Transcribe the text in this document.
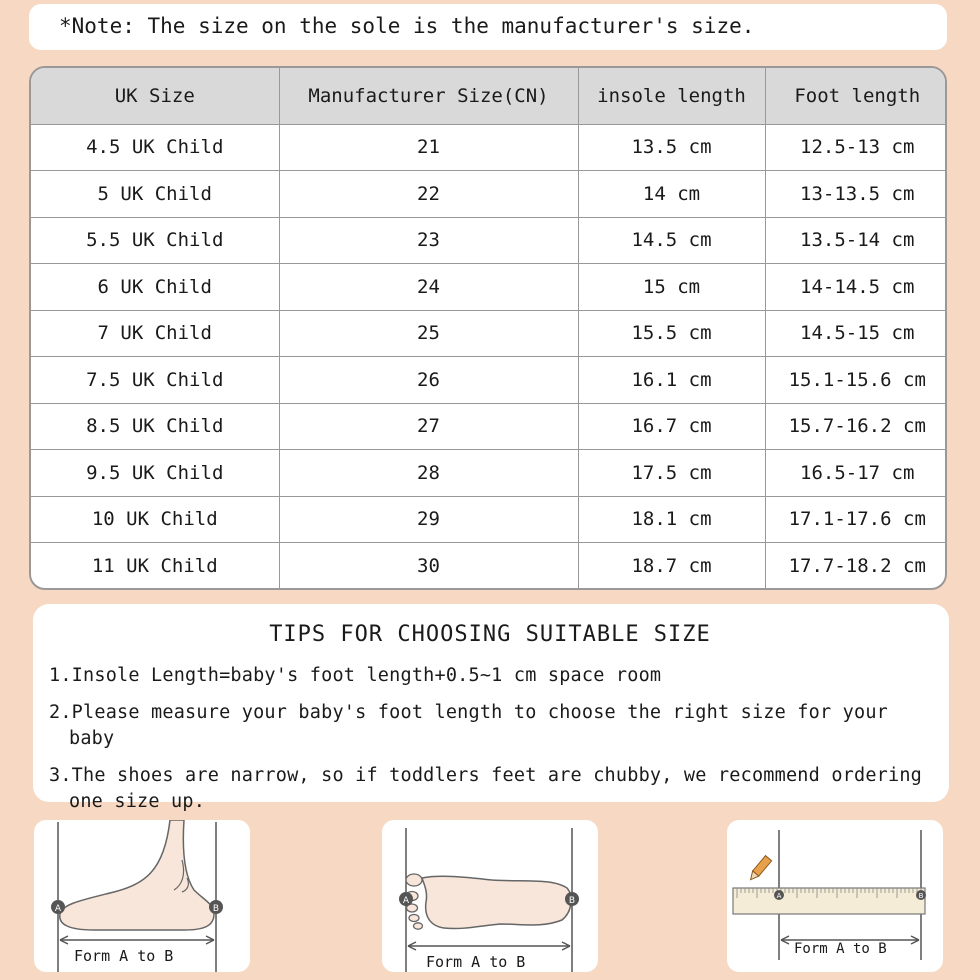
*Note: The size on the sole is the manufacturer's size.
UK Size	Manufacturer Size(CN)	insole length	Foot length
4.5 UK Child	21	13.5 cm	12.5-13 cm
5 UK Child	22	14 cm	13-13.5 cm
5.5 UK Child	23	14.5 cm	13.5-14 cm
6 UK Child	24	15 cm	14-14.5 cm
7 UK Child	25	15.5 cm	14.5-15 cm
7.5 UK Child	26	16.1 cm	15.1-15.6 cm
8.5 UK Child	27	16.7 cm	15.7-16.2 cm
9.5 UK Child	28	17.5 cm	16.5-17 cm
10 UK Child	29	18.1 cm	17.1-17.6 cm
11 UK Child	30	18.7 cm	17.7-18.2 cm
TIPS FOR CHOOSING SUITABLE SIZE
1.Insole Length=baby's foot length+0.5~1 cm space room
2.Please measure your baby's foot length to choose the right size for your baby
3.The shoes are narrow, so if toddlers feet are chubby, we recommend ordering one size up.
A	B
Form A to B
A	B
Form A to B
A	B
Form A to B
